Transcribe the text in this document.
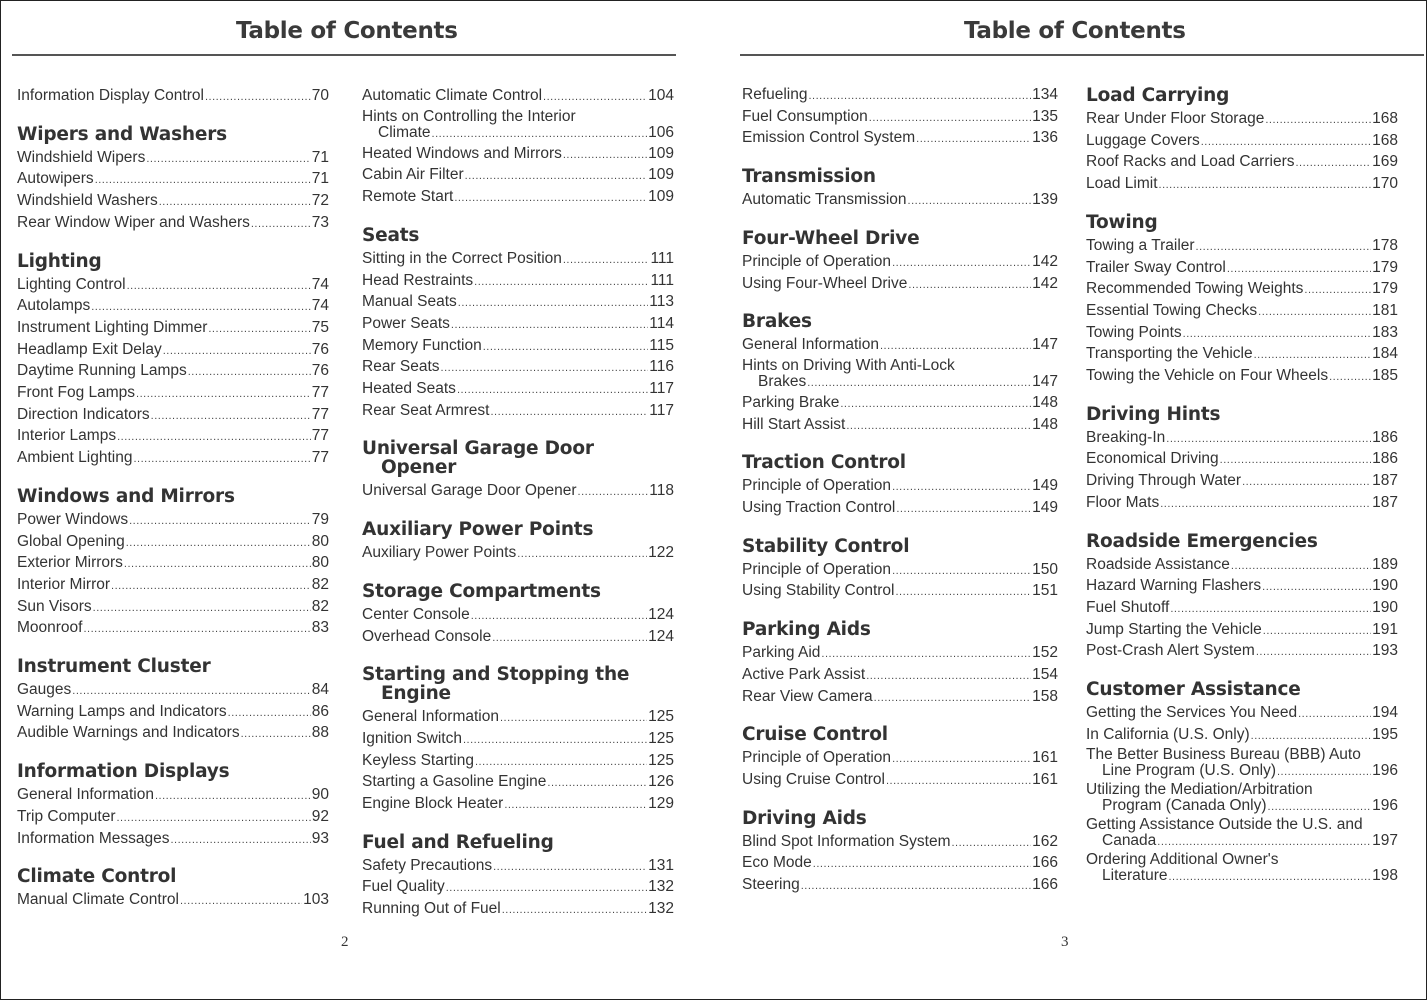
Table of Contents
Information Display Control .....	70
Wipers and Washers
Windshield Wipers .....	71
Autowipers .....	71
Windshield Washers .....	72
Rear Window Wiper and Washers .....	73
Lighting
Lighting Control .....	74
Autolamps .....	74
Instrument Lighting Dimmer .....	75
Headlamp Exit Delay .....	76
Daytime Running Lamps .....	76
Front Fog Lamps .....	77
Direction Indicators .....	77
Interior Lamps .....	77
Ambient Lighting .....	77
Windows and Mirrors
Power Windows .....	79
Global Opening .....	80
Exterior Mirrors .....	80
Interior Mirror .....	82
Sun Visors .....	82
Moonroof .....	83
Instrument Cluster
Gauges .....	84
Warning Lamps and Indicators .....	86
Audible Warnings and Indicators .....	88
Information Displays
General Information .....	90
Trip Computer .....	92
Information Messages .....	93
Climate Control
Manual Climate Control .....	103
Automatic Climate Control .....	104
Hints on Controlling the Interior
Climate .....	106
Heated Windows and Mirrors .....	109
Cabin Air Filter .....	109
Remote Start .....	109
Seats
Sitting in the Correct Position .....	111
Head Restraints .....	111
Manual Seats .....	113
Power Seats .....	114
Memory Function .....	115
Rear Seats .....	116
Heated Seats .....	117
Rear Seat Armrest .....	117
Universal Garage Door
Opener
Universal Garage Door Opener .....	118
Auxiliary Power Points
Auxiliary Power Points .....	122
Storage Compartments
Center Console .....	124
Overhead Console .....	124
Starting and Stopping the
Engine
General Information .....	125
Ignition Switch .....	125
Keyless Starting .....	125
Starting a Gasoline Engine .....	126
Engine Block Heater .....	129
Fuel and Refueling
Safety Precautions .....	131
Fuel Quality .....	132
Running Out of Fuel .....	132
2
Table of Contents
Refueling .....	134
Fuel Consumption .....	135
Emission Control System .....	136
Transmission
Automatic Transmission .....	139
Four-Wheel Drive
Principle of Operation .....	142
Using Four-Wheel Drive .....	142
Brakes
General Information .....	147
Hints on Driving With Anti-Lock
Brakes .....	147
Parking Brake .....	148
Hill Start Assist .....	148
Traction Control
Principle of Operation .....	149
Using Traction Control .....	149
Stability Control
Principle of Operation .....	150
Using Stability Control .....	151
Parking Aids
Parking Aid .....	152
Active Park Assist .....	154
Rear View Camera .....	158
Cruise Control
Principle of Operation .....	161
Using Cruise Control .....	161
Driving Aids
Blind Spot Information System .....	162
Eco Mode .....	166
Steering .....	166
Load Carrying
Rear Under Floor Storage .....	168
Luggage Covers .....	168
Roof Racks and Load Carriers .....	169
Load Limit .....	170
Towing
Towing a Trailer .....	178
Trailer Sway Control .....	179
Recommended Towing Weights .....	179
Essential Towing Checks .....	181
Towing Points .....	183
Transporting the Vehicle .....	184
Towing the Vehicle on Four Wheels .....	185
Driving Hints
Breaking-In .....	186
Economical Driving .....	186
Driving Through Water .....	187
Floor Mats .....	187
Roadside Emergencies
Roadside Assistance .....	189
Hazard Warning Flashers .....	190
Fuel Shutoff .....	190
Jump Starting the Vehicle .....	191
Post-Crash Alert System .....	193
Customer Assistance
Getting the Services You Need .....	194
In California (U.S. Only) .....	195
The Better Business Bureau (BBB) Auto
Line Program (U.S. Only) .....	196
Utilizing the Mediation/Arbitration
Program (Canada Only) .....	196
Getting Assistance Outside the U.S. and
Canada .....	197
Ordering Additional Owner's
Literature .....	198
3
